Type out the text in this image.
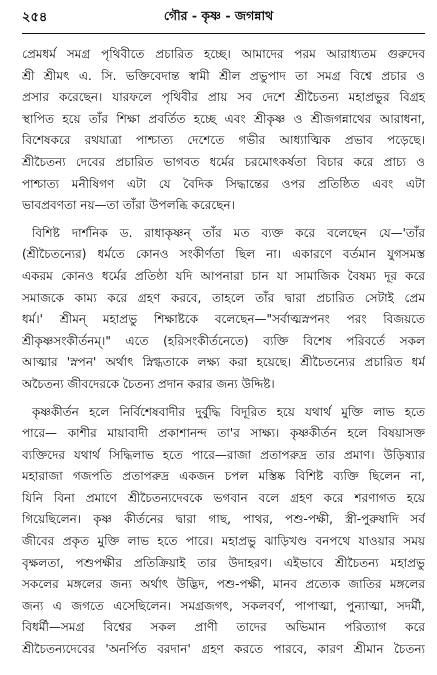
২৫৪	গৌর - কৃষ্ণ - জগন্নাথ

প্রেমধর্ম সমগ্র পৃথিবীতে প্রচারিত হচ্ছে। আমাদের পরম আরাধ্যতম গুরুদেব

শ্রী শ্রীমৎ এ. সি. ভক্তিবেদান্ত স্বামী শ্রীল প্রভুপাদ তা সমগ্র বিশ্বে প্রচার ও

প্রসার করেছেন। যারফলে পৃথিবীর প্রায় সব দেশে শ্রীচৈতন্য মহাপ্রভুর বিগ্রহ

স্থাপিত হয়ে তাঁর শিক্ষা প্রবর্তিত হচ্ছে এবং শ্রীকৃষ্ণ ও শ্রীজগন্নাথের আরাধনা,

বিশেষকরে রথযাত্রা পাশ্চাত্য দেশেতে গভীর আধ্যাত্মিক প্রভাব পড়েছে।

শ্রীচৈতন্য দেবের প্রচারিত ভাগবত ধর্মের চরমোৎকর্ষতা বিচার করে প্রাচ্য ও

পাশ্চাত্য মনীষিগণ এটা যে বৈদিক সিদ্ধান্তের ওপর প্রতিষ্ঠিত এবং এটা

ভাবপ্রবণতা নয়—তা তাঁরা উপলব্ধি করেছেন।

বিশিষ্ট দার্শনিক ড. রাধাকৃষ্ণন্ তাঁর মত ব্যক্ত করে বলেছেন যে—'তাঁর

(শ্রীচৈতন্যের) ধর্মতে কোনও সংকীর্ণতা ছিল না। একারণে বর্তমান যুগসমস্ত

একরম কোনও ধর্মের প্রতিষ্ঠা যদি আপনারা চান যা সামাজিক বৈষম্য দূর করে

সমাজকে কাম্য করে গ্রহণ করবে, তাহলে তাঁর দ্বারা প্রচারিত সেটাই প্রেম

ধর্ম।' শ্রীমন্ মহাপ্রভু শিক্ষাষ্টকে বলেছেন—"সর্বাত্মস্নপনং পরং বিজয়তে

শ্রীকৃষ্ণসংকীর্তনম্।" এতে (হরিসংকীর্তনেতে) ব্যক্তি বিশেষ পরিবর্তে সকল

আত্মার 'স্নপন' অর্থাৎ স্নিগ্ধতাকে লক্ষ্য করা হয়েছে। শ্রীচৈতন্যের প্রচারিত ধর্ম

অচৈতন্য জীবদেরকে চৈতন্য প্রদান করার জন্য উদ্দিষ্ট।

কৃষ্ণকীর্তন হলে নির্বিশেষবাদীর দুর্বুদ্ধি বিদূরিত হয়ে যথার্থ মুক্তি লাভ হতে

পারে— কাশীর মায়াবাদী প্রকাশানন্দ তা'র সাক্ষ্য। কৃষ্ণকীর্তন হলে বিষয়াসক্ত

ব্যক্তিদের যথার্থ সিদ্ধিলাভ হতে পারে—রাজা প্রতাপরুদ্র তার প্রমাণ। উড়িষ্যার

মহারাজা গজপতি প্রতাপরুদ্র একজন চপল মস্তিষ্ক বিশিষ্ট ব্যক্তি ছিলেন না,

যিনি বিনা প্রমাণে শ্রীচৈতন্যদেবকে ভগবান বলে গ্রহণ করে শরণাগত হয়ে

গিয়েছিলেন। কৃষ্ণ কীর্তনের দ্বারা গাছ, পাথর, পশু-পক্ষী, স্ত্রী-পুরুষাদি সর্ব

জীবের প্রকৃত মুক্তি লাভ হতে পারে। মহাপ্রভু ঝাড়িখণ্ড বনপথে যাওয়ার সময়

বৃক্ষলতা, পশুপক্ষীর প্রতিক্রিয়াই তার উদাহরণ। এইভাবে শ্রীচৈতন্য মহাপ্রভু

সকলের মঙ্গলের জন্য অর্থাৎ উদ্ভিদ, পশু-পক্ষী, মানব প্রত্যেক জাতির মঙ্গলের

জন্য এ জগতে এসেছিলেন। সমগ্রজগৎ, সকলবর্ণ, পাপাত্মা, পুন্যাত্মা, সদর্মী,

বিধর্মী—সমগ্র বিশ্বের সকল প্রাণী তাদের অভিমান পরিত্যাগ করে

শ্রীচৈতন্যদেবের 'অনর্পিত বরদান' গ্রহণ করতে পারবে, কারণ শ্রীমান চৈতন্য
